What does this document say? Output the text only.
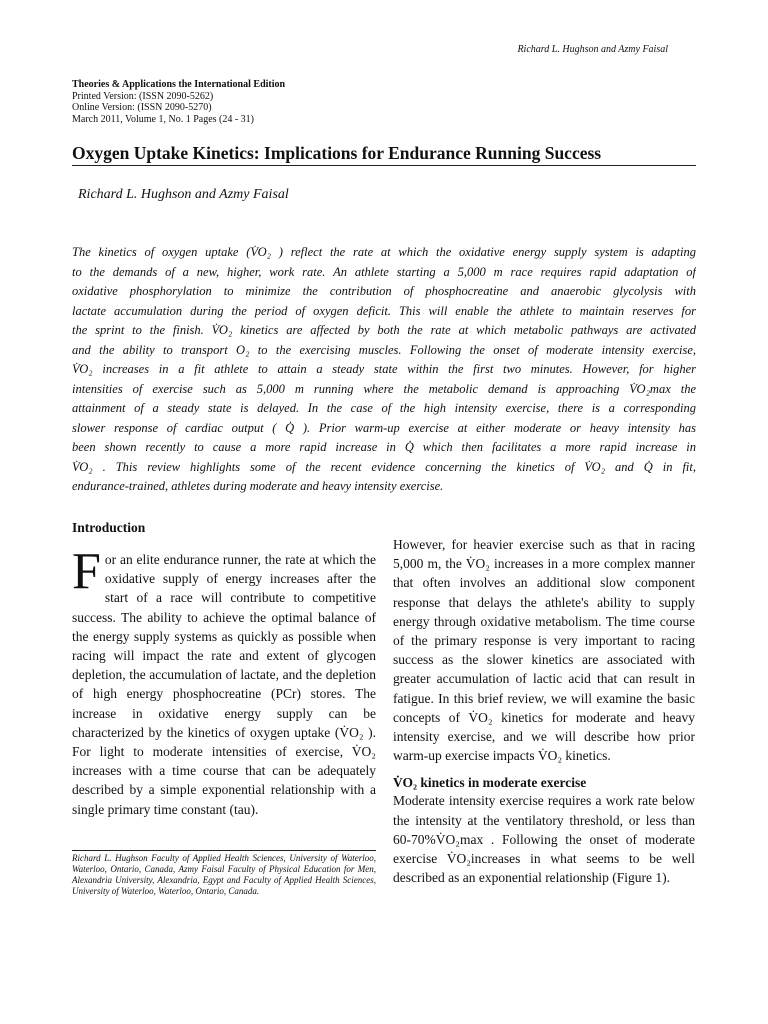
Richard L. Hughson and Azmy Faisal
Theories & Applications the International Edition
Printed Version: (ISSN 2090-5262)
Online Version: (ISSN 2090-5270)
March 2011, Volume 1, No. 1 Pages (24 - 31)
Oxygen Uptake Kinetics: Implications for Endurance Running Success
Richard L. Hughson and Azmy Faisal
The kinetics of oxygen uptake (V̇O₂ ) reflect the rate at which the oxidative energy supply system is adapting
to the demands of a new, higher, work rate. An athlete starting a 5,000 m race requires rapid adaptation of
oxidative phosphorylation to minimize the contribution of phosphocreatine and anaerobic glycolysis with
lactate accumulation during the period of oxygen deficit. This will enable the athlete to maintain reserves for
the sprint to the finish. V̇O₂ kinetics are affected by both the rate at which metabolic pathways are activated
and the ability to transport O₂ to the exercising muscles. Following the onset of moderate intensity exercise,
V̇O₂ increases in a fit athlete to attain a steady state within the first two minutes. However, for higher
intensities of exercise such as 5,000 m running where the metabolic demand is approaching V̇O₂max the
attainment of a steady state is delayed. In the case of the high intensity exercise, there is a corresponding
slower response of cardiac output ( Q̇ ). Prior warm-up exercise at either moderate or heavy intensity has
been shown recently to cause a more rapid increase in Q̇ which then facilitates a more rapid increase in
V̇O₂ . This review highlights some of the recent evidence concerning the kinetics of V̇O₂ and Q̇ in fit,
endurance-trained, athletes during moderate and heavy intensity exercise.
Introduction

For an elite endurance runner, the rate at which the oxidative supply of energy increases after the start of a race will contribute to competitive success. The ability to achieve the optimal balance of the energy supply systems as quickly as possible when racing will impact the rate and extent of glycogen depletion, the accumulation of lactate, and the depletion of high energy phosphocreatine (PCr) stores. The increase in oxidative energy supply can be characterized by the kinetics of oxygen uptake (V̇O₂ ). For light to moderate intensities of exercise, V̇O₂ increases with a time course that can be adequately described by a simple exponential relationship with a single primary time constant (tau).

Richard L. Hughson Faculty of Applied Health Sciences, University of Waterloo, Waterloo, Ontario, Canada, Azmy Faisal Faculty of Physical Education for Men, Alexandria University, Alexandria, Egypt and Faculty of Applied Health Sciences, University of Waterloo, Waterloo, Ontario, Canada.

However, for heavier exercise such as that in racing 5,000 m, the V̇O₂ increases in a more complex manner that often involves an additional slow component response that delays the athlete's ability to supply energy through oxidative metabolism. The time course of the primary response is very important to racing success as the slower kinetics are associated with greater accumulation of lactic acid that can result in fatigue. In this brief review, we will examine the basic concepts of V̇O₂ kinetics for moderate and heavy intensity exercise, and we will describe how prior warm-up exercise impacts V̇O₂ kinetics.

V̇O₂ kinetics in moderate exercise

Moderate intensity exercise requires a work rate below the intensity at the ventilatory threshold, or less than 60-70%V̇O₂max . Following the onset of moderate exercise V̇O₂increases in what seems to be well described as an exponential relationship (Figure 1).
